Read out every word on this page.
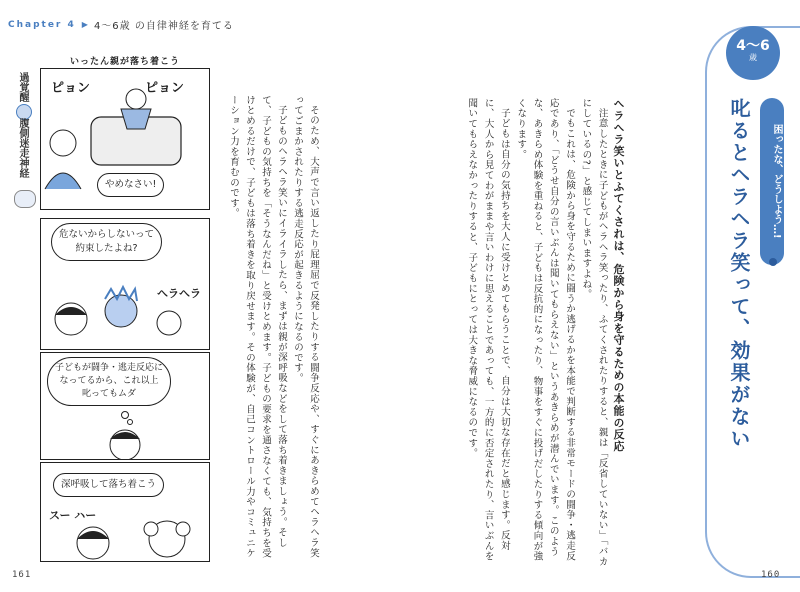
Chapter 4 ▶ 4〜6歳 の自律神経を育てる
過覚醒
腹側迷走神経
いったん親が落ち着こう
ピョン	ピョン
やめなさい!
危ないからしないって
約束したよね?
ヘラヘラ
子どもが闘争・逃走反応に
なってるから、これ以上
叱ってもムダ
深呼吸して落ち着こう
スー ハー	そのため、大声で言い返したり屁理屈で反発したりする闘争反応や、すぐにあきらめてヘラヘラ笑ってごまかされたりする逃走反応が起きるようになるのです。

子どものヘラヘラ笑いにイライラしたら、まずは親が深呼吸などをして落ち着きましょう。そして、子どもの気持ちを「そうなんだね」と受けとめます。子どもの要求を通さなくても、気持ちを受けとめるだけで、子どもは落ち着きを取り戻せます。その体験が、自己コントロール力やコミュニケーション力を育むのです。	ヘラヘラ笑いとふてくされは、危険から身を守るための本能の反応

注意したときに子どもがヘラヘラ笑ったり、ふてくされたりすると、親は「反省していない」「バカにしているの?」と感じてしまいますよね。

でもこれは、危険から身を守るために闘うか逃げるかを本能で判断する非常モードの闘争・逃走反応であり、「どうせ自分の言いぶんは聞いてもらえない」というあきらめが潜んでいます。このような、あきらめ体験を重ねると、子どもは反抗的になったり、物事をすぐに投げだしたりする傾向が強くなります。

子どもは自分の気持ちを大人に受けとめてもらうことで、自分は大切な存在だと感じます。反対に、大人から見てわがままや言いわけに思えることであっても、一方的に否定されたり、言いぶんを聞いてもらえなかったりすると、子どもにとっては大きな脅威になるのです。

4〜6
歳
困ったな、どうしよう…!
叱るとヘラヘラ笑って、効果がない
161	160
